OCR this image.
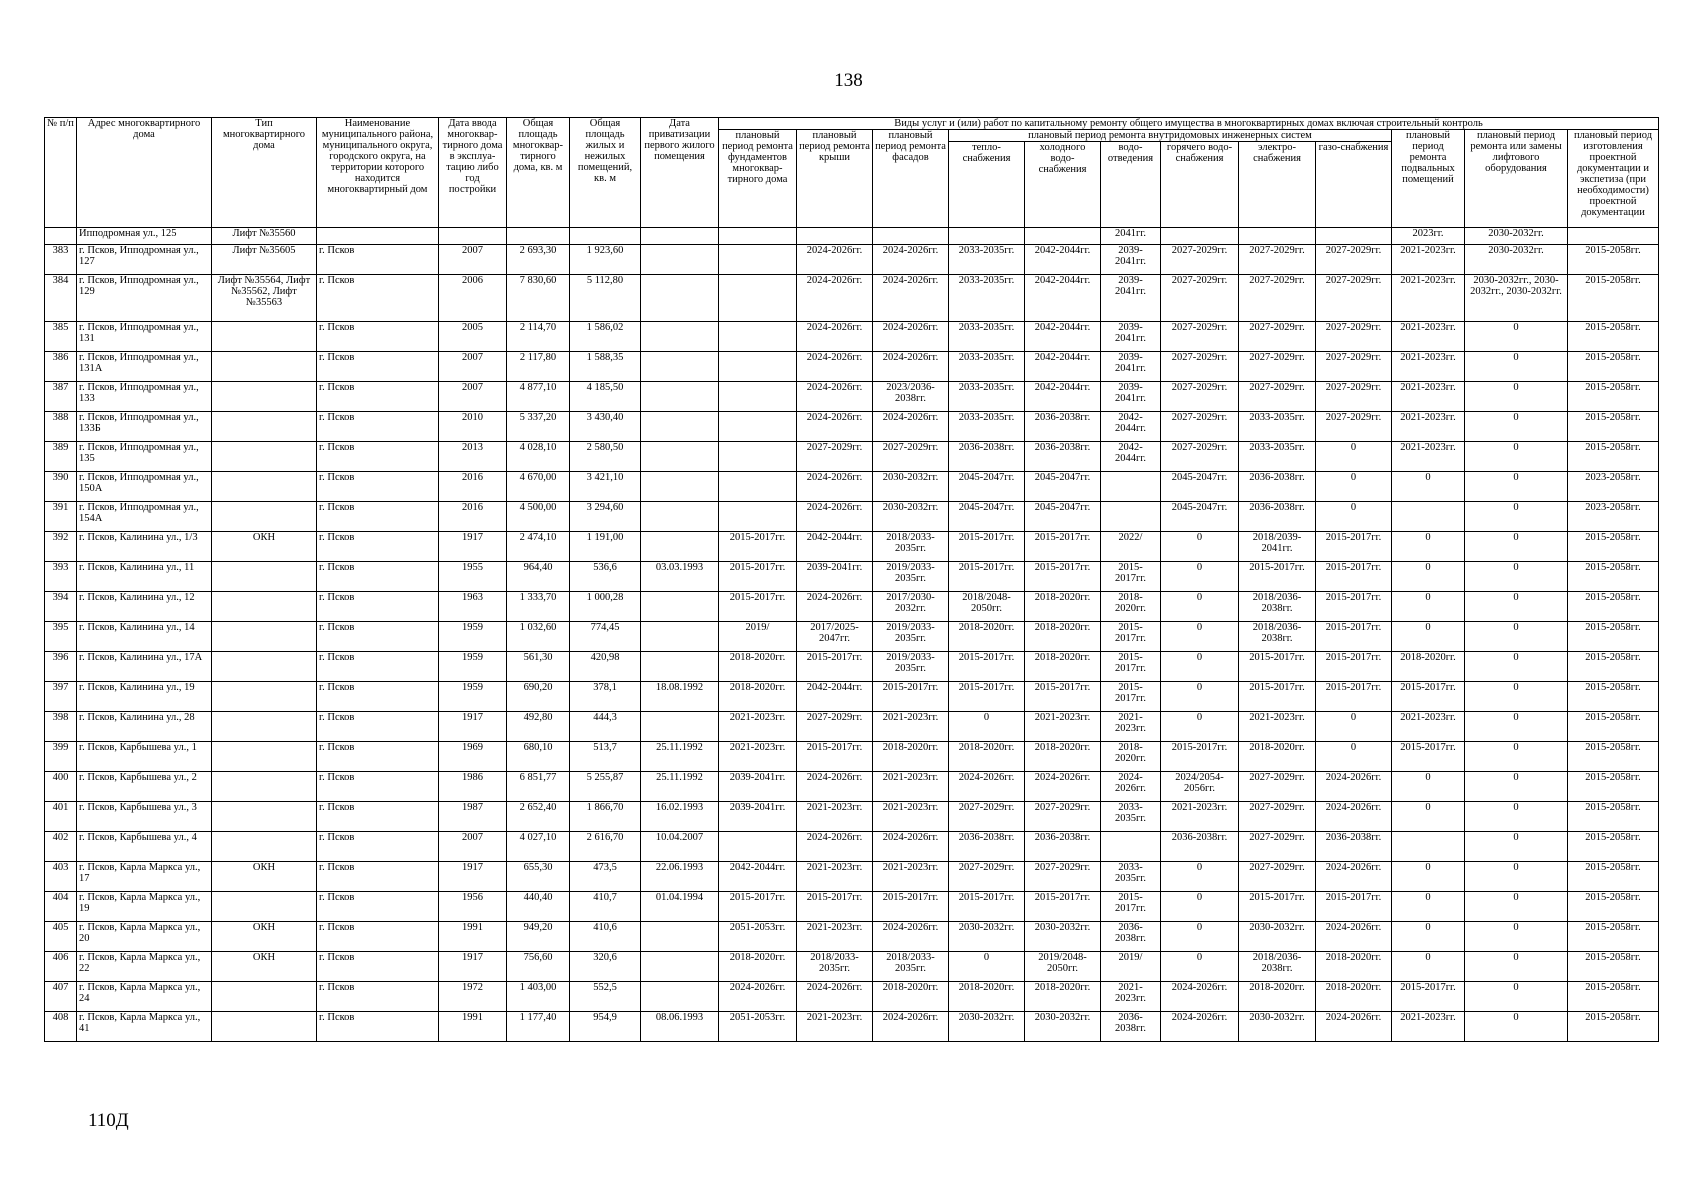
138
№ п/п	Адрес многоквартирного дома	Тип многоквартирного дома	Наименование муниципального района, муниципального округа, городского округа, на территории которого находится многоквартирный дом	Дата ввода многоквар-тирного дома в эксплуа-тацию либо год постройки	Общая площадь многоквар-тирного дома, кв. м	Общая площадь жилых и нежилых помещений, кв. м	Дата приватизации первого жилого помещения	Виды услуг и (или) работ по капитальному ремонту общего имущества в многоквартирных домах включая строительный контроль											
								плановый период ремонта фундаментов многоквар-тирного дома	плановый период ремонта крыши	плановый период ремонта фасадов	плановый период ремонта внутридомовых инженерных систем						плановый период ремонта подвальных помещений	плановый период ремонта или замены лифтового оборудования	плановый период изготовления проектной документации и экспетиза (при необходимости) проектной документации
											тепло-снабжения	холодного водо-снабжения	водо-отведения	горячего водо-снабжения	электро-снабжения	газо-снабжения			
	Ипподромная ул., 125	Лифт №35560											2041гг.				2023гг.	2030-2032гг.	
383	г. Псков, Ипподромная ул., 127	Лифт №35605	г. Псков	2007	2 693,30	1 923,60			2024-2026гг.	2024-2026гг.	2033-2035гг.	2042-2044гг.	2039-2041гг.	2027-2029гг.	2027-2029гг.	2027-2029гг.	2021-2023гг.	2030-2032гг.	2015-2058гг.
384	г. Псков, Ипподромная ул., 129	Лифт №35564, Лифт №35562, Лифт №35563	г. Псков	2006	7 830,60	5 112,80			2024-2026гг.	2024-2026гг.	2033-2035гг.	2042-2044гг.	2039-2041гг.	2027-2029гг.	2027-2029гг.	2027-2029гг.	2021-2023гг.	2030-2032гг., 2030-2032гг., 2030-2032гг.	2015-2058гг.
385	г. Псков, Ипподромная ул., 131		г. Псков	2005	2 114,70	1 586,02			2024-2026гг.	2024-2026гг.	2033-2035гг.	2042-2044гг.	2039-2041гг.	2027-2029гг.	2027-2029гг.	2027-2029гг.	2021-2023гг.	0	2015-2058гг.
386	г. Псков, Ипподромная ул., 131А		г. Псков	2007	2 117,80	1 588,35			2024-2026гг.	2024-2026гг.	2033-2035гг.	2042-2044гг.	2039-2041гг.	2027-2029гг.	2027-2029гг.	2027-2029гг.	2021-2023гг.	0	2015-2058гг.
387	г. Псков, Ипподромная ул., 133		г. Псков	2007	4 877,10	4 185,50			2024-2026гг.	2023/2036-2038гг.	2033-2035гг.	2042-2044гг.	2039-2041гг.	2027-2029гг.	2027-2029гг.	2027-2029гг.	2021-2023гг.	0	2015-2058гг.
388	г. Псков, Ипподромная ул., 133Б		г. Псков	2010	5 337,20	3 430,40			2024-2026гг.	2024-2026гг.	2033-2035гг.	2036-2038гг.	2042-2044гг.	2027-2029гг.	2033-2035гг.	2027-2029гг.	2021-2023гг.	0	2015-2058гг.
389	г. Псков, Ипподромная ул., 135		г. Псков	2013	4 028,10	2 580,50			2027-2029гг.	2027-2029гг.	2036-2038гг.	2036-2038гг.	2042-2044гг.	2027-2029гг.	2033-2035гг.	0	2021-2023гг.	0	2015-2058гг.
390	г. Псков, Ипподромная ул., 150А		г. Псков	2016	4 670,00	3 421,10			2024-2026гг.	2030-2032гг.	2045-2047гг.	2045-2047гг.		2045-2047гг.	2036-2038гг.	0	0	0	2023-2058гг.
391	г. Псков, Ипподромная ул., 154А		г. Псков	2016	4 500,00	3 294,60			2024-2026гг.	2030-2032гг.	2045-2047гг.	2045-2047гг.		2045-2047гг.	2036-2038гг.	0		0	2023-2058гг.
392	г. Псков, Калинина ул., 1/3	ОКН	г. Псков	1917	2 474,10	1 191,00		2015-2017гг.	2042-2044гг.	2018/2033-2035гг.	2015-2017гг.	2015-2017гг.	2022/	0	2018/2039-2041гг.	2015-2017гг.	0	0	2015-2058гг.
393	г. Псков, Калинина ул., 11		г. Псков	1955	964,40	536,6	03.03.1993	2015-2017гг.	2039-2041гг.	2019/2033-2035гг.	2015-2017гг.	2015-2017гг.	2015-2017гг.	0	2015-2017гг.	2015-2017гг.	0	0	2015-2058гг.
394	г. Псков, Калинина ул., 12		г. Псков	1963	1 333,70	1 000,28		2015-2017гг.	2024-2026гг.	2017/2030-2032гг.	2018/2048-2050гг.	2018-2020гг.	2018-2020гг.	0	2018/2036-2038гг.	2015-2017гг.	0	0	2015-2058гг.
395	г. Псков, Калинина ул., 14		г. Псков	1959	1 032,60	774,45		2019/	2017/2025-2047гг.	2019/2033-2035гг.	2018-2020гг.	2018-2020гг.	2015-2017гг.	0	2018/2036-2038гг.	2015-2017гг.	0	0	2015-2058гг.
396	г. Псков, Калинина ул., 17А		г. Псков	1959	561,30	420,98		2018-2020гг.	2015-2017гг.	2019/2033-2035гг.	2015-2017гг.	2018-2020гг.	2015-2017гг.	0	2015-2017гг.	2015-2017гг.	2018-2020гг.	0	2015-2058гг.
397	г. Псков, Калинина ул., 19		г. Псков	1959	690,20	378,1	18.08.1992	2018-2020гг.	2042-2044гг.	2015-2017гг.	2015-2017гг.	2015-2017гг.	2015-2017гг.	0	2015-2017гг.	2015-2017гг.	2015-2017гг.	0	2015-2058гг.
398	г. Псков, Калинина ул., 28		г. Псков	1917	492,80	444,3		2021-2023гг.	2027-2029гг.	2021-2023гг.	0	2021-2023гг.	2021-2023гг.	0	2021-2023гг.	0	2021-2023гг.	0	2015-2058гг.
399	г. Псков, Карбышева ул., 1		г. Псков	1969	680,10	513,7	25.11.1992	2021-2023гг.	2015-2017гг.	2018-2020гг.	2018-2020гг.	2018-2020гг.	2018-2020гг.	2015-2017гг.	2018-2020гг.	0	2015-2017гг.	0	2015-2058гг.
400	г. Псков, Карбышева ул., 2		г. Псков	1986	6 851,77	5 255,87	25.11.1992	2039-2041гг.	2024-2026гг.	2021-2023гг.	2024-2026гг.	2024-2026гг.	2024-2026гг.	2024/2054-2056гг.	2027-2029гг.	2024-2026гг.	0	0	2015-2058гг.
401	г. Псков, Карбышева ул., 3		г. Псков	1987	2 652,40	1 866,70	16.02.1993	2039-2041гг.	2021-2023гг.	2021-2023гг.	2027-2029гг.	2027-2029гг.	2033-2035гг.	2021-2023гг.	2027-2029гг.	2024-2026гг.	0	0	2015-2058гг.
402	г. Псков, Карбышева ул., 4		г. Псков	2007	4 027,10	2 616,70	10.04.2007		2024-2026гг.	2024-2026гг.	2036-2038гг.	2036-2038гг.		2036-2038гг.	2027-2029гг.	2036-2038гг.		0	2015-2058гг.
403	г. Псков, Карла Маркса ул., 17	ОКН	г. Псков	1917	655,30	473,5	22.06.1993	2042-2044гг.	2021-2023гг.	2021-2023гг.	2027-2029гг.	2027-2029гг.	2033-2035гг.	0	2027-2029гг.	2024-2026гг.	0	0	2015-2058гг.
404	г. Псков, Карла Маркса ул., 19		г. Псков	1956	440,40	410,7	01.04.1994	2015-2017гг.	2015-2017гг.	2015-2017гг.	2015-2017гг.	2015-2017гг.	2015-2017гг.	0	2015-2017гг.	2015-2017гг.	0	0	2015-2058гг.
405	г. Псков, Карла Маркса ул., 20	ОКН	г. Псков	1991	949,20	410,6		2051-2053гг.	2021-2023гг.	2024-2026гг.	2030-2032гг.	2030-2032гг.	2036-2038гг.	0	2030-2032гг.	2024-2026гг.	0	0	2015-2058гг.
406	г. Псков, Карла Маркса ул., 22	ОКН	г. Псков	1917	756,60	320,6		2018-2020гг.	2018/2033-2035гг.	2018/2033-2035гг.	0	2019/2048-2050гг.	2019/	0	2018/2036-2038гг.	2018-2020гг.	0	0	2015-2058гг.
407	г. Псков, Карла Маркса ул., 24		г. Псков	1972	1 403,00	552,5		2024-2026гг.	2024-2026гг.	2018-2020гг.	2018-2020гг.	2018-2020гг.	2021-2023гг.	2024-2026гг.	2018-2020гг.	2018-2020гг.	2015-2017гг.	0	2015-2058гг.
408	г. Псков, Карла Маркса ул., 41		г. Псков	1991	1 177,40	954,9	08.06.1993	2051-2053гг.	2021-2023гг.	2024-2026гг.	2030-2032гг.	2030-2032гг.	2036-2038гг.	2024-2026гг.	2030-2032гг.	2024-2026гг.	2021-2023гг.	0	2015-2058гг.
110Д
